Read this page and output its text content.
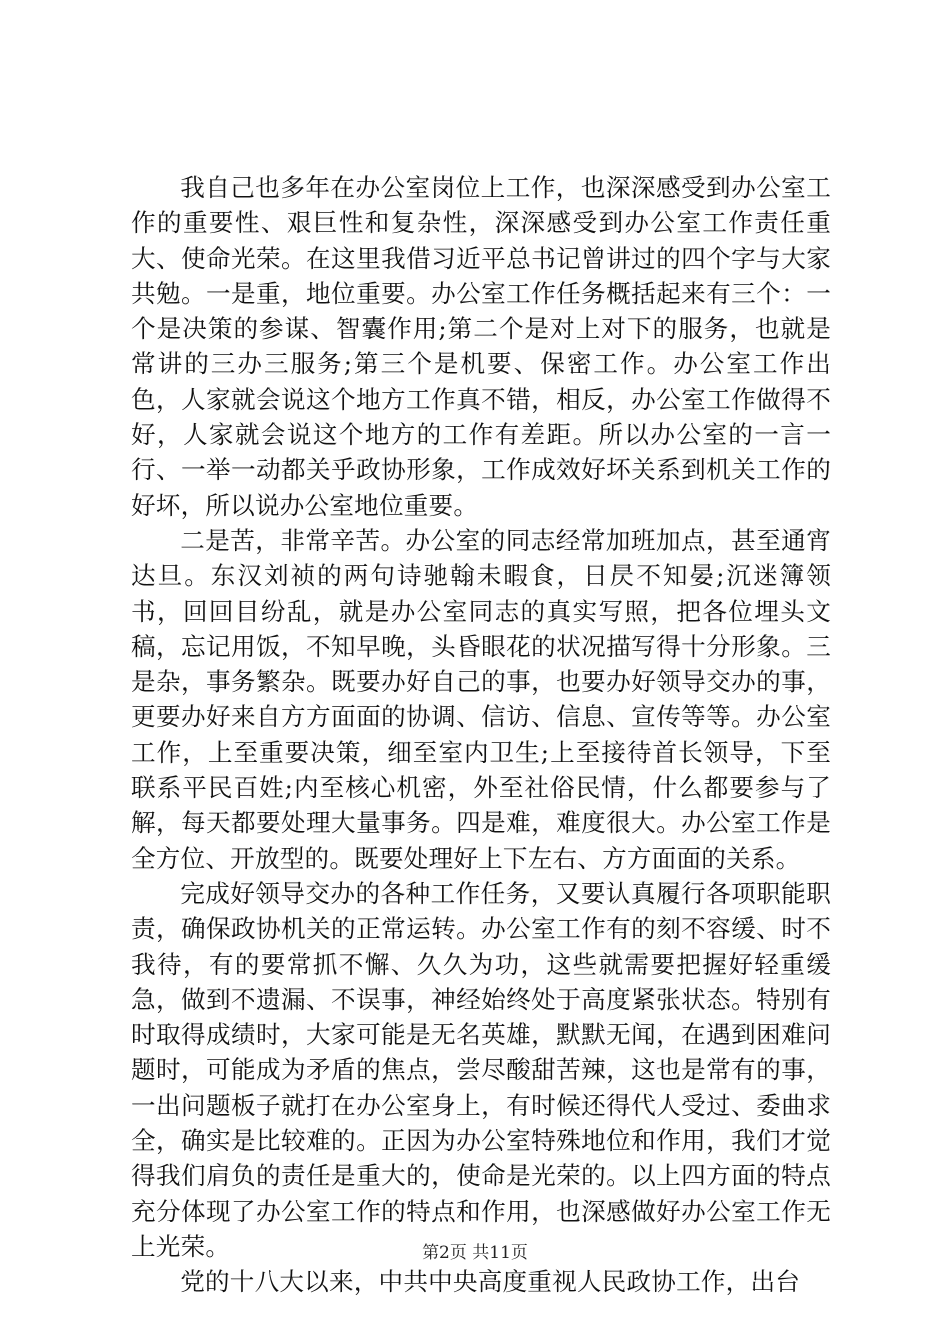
我自己也多年在办公室岗位上工作，也深深感受到办公室工作的重要性、艰巨性和复杂性，深深感受到办公室工作责任重大、使命光荣。在这里我借习近平总书记曾讲过的四个字与大家共勉。一是重，地位重要。办公室工作任务概括起来有三个：一个是决策的参谋、智囊作用;第二个是对上对下的服务，也就是常讲的三办三服务;第三个是机要、保密工作。办公室工作出色，人家就会说这个地方工作真不错，相反，办公室工作做得不好，人家就会说这个地方的工作有差距。所以办公室的一言一行、一举一动都关乎政协形象，工作成效好坏关系到机关工作的好坏，所以说办公室地位重要。

二是苦，非常辛苦。办公室的同志经常加班加点，甚至通宵达旦。东汉刘祯的两句诗驰翰未暇食，日昃不知晏;沉迷簿领书，回回目纷乱，就是办公室同志的真实写照，把各位埋头文稿，忘记用饭，不知早晚，头昏眼花的状况描写得十分形象。三是杂，事务繁杂。既要办好自己的事，也要办好领导交办的事，更要办好来自方方面面的协调、信访、信息、宣传等等。办公室工作，上至重要决策，细至室内卫生;上至接待首长领导，下至联系平民百姓;内至核心机密，外至社俗民情，什么都要参与了解，每天都要处理大量事务。四是难，难度很大。办公室工作是全方位、开放型的。既要处理好上下左右、方方面面的关系。

完成好领导交办的各种工作任务，又要认真履行各项职能职责，确保政协机关的正常运转。办公室工作有的刻不容缓、时不我待，有的要常抓不懈、久久为功，这些就需要把握好轻重缓急，做到不遗漏、不误事，神经始终处于高度紧张状态。特别有时取得成绩时，大家可能是无名英雄，默默无闻，在遇到困难问题时，可能成为矛盾的焦点，尝尽酸甜苦辣，这也是常有的事，一出问题板子就打在办公室身上，有时候还得代人受过、委曲求全，确实是比较难的。正因为办公室特殊地位和作用，我们才觉得我们肩负的责任是重大的，使命是光荣的。以上四方面的特点充分体现了办公室工作的特点和作用，也深感做好办公室工作无上光荣。

党的十八大以来，中共中央高度重视人民政协工作，出台

第2页 共11页
